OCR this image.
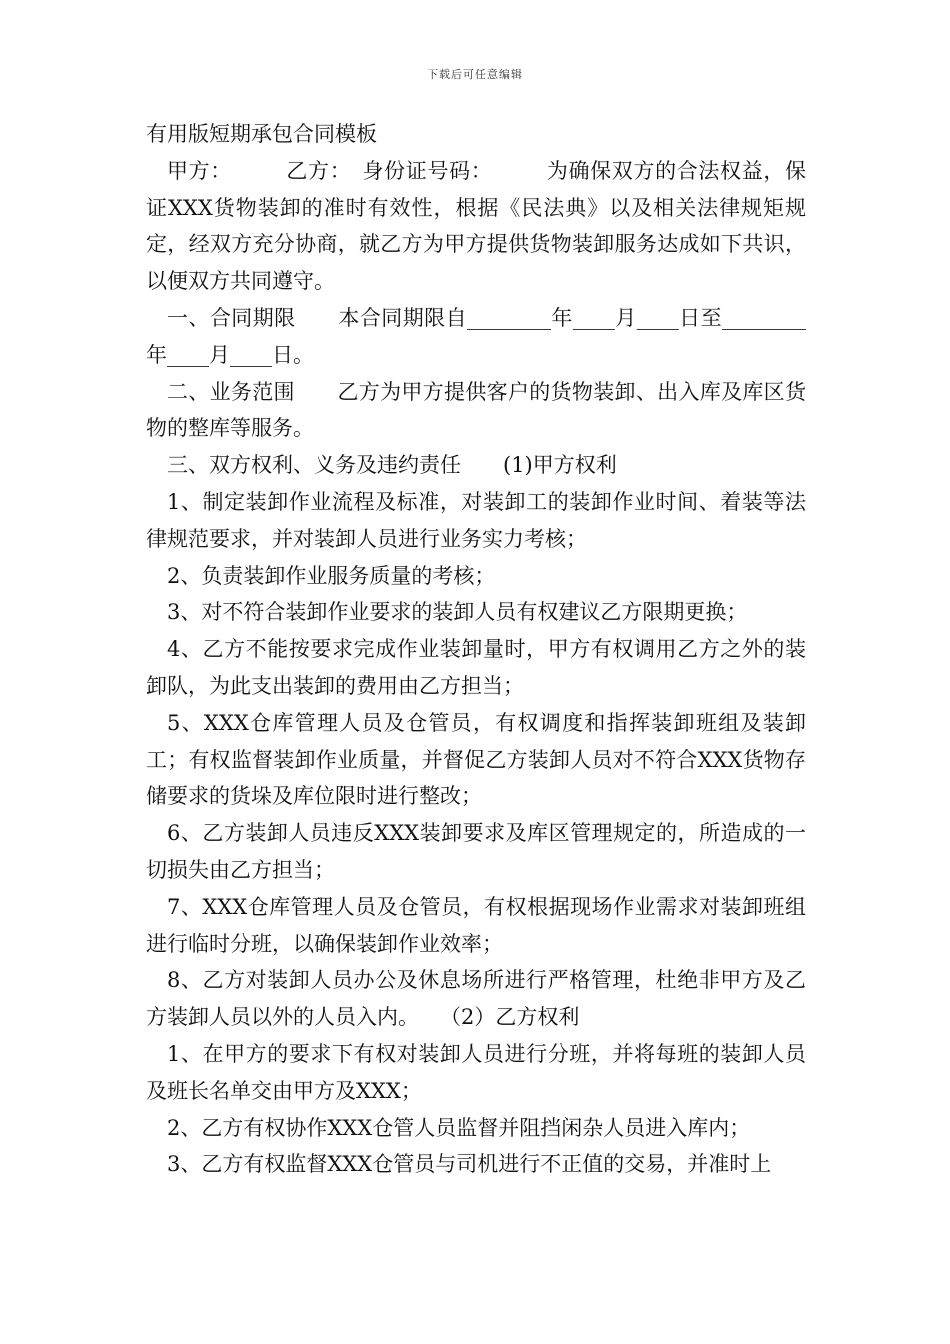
下载后可任意编辑

有用版短期承包合同模板

甲方：　　　乙方：　身份证号码：　　　为确保双方的合法权益，保证XXX货物装卸的准时有效性，根据《民法典》以及相关法律规矩规定，经双方充分协商，就乙方为甲方提供货物装卸服务达成如下共识，以便双方共同遵守。

一、合同期限　　本合同期限自________年____月____日至________年____月____日。

二、业务范围　　乙方为甲方提供客户的货物装卸、出入库及库区货物的整库等服务。

三、双方权利、义务及违约责任　　(1)甲方权利

1、制定装卸作业流程及标准，对装卸工的装卸作业时间、着装等法律规范要求，并对装卸人员进行业务实力考核；

2、负责装卸作业服务质量的考核；

3、对不符合装卸作业要求的装卸人员有权建议乙方限期更换；

4、乙方不能按要求完成作业装卸量时，甲方有权调用乙方之外的装卸队，为此支出装卸的费用由乙方担当；

5、XXX仓库管理人员及仓管员，有权调度和指挥装卸班组及装卸工；有权监督装卸作业质量，并督促乙方装卸人员对不符合XXX货物存储要求的货垛及库位限时进行整改；

6、乙方装卸人员违反XXX装卸要求及库区管理规定的，所造成的一切损失由乙方担当；

7、XXX仓库管理人员及仓管员，有权根据现场作业需求对装卸班组进行临时分班，以确保装卸作业效率；

8、乙方对装卸人员办公及休息场所进行严格管理，杜绝非甲方及乙方装卸人员以外的人员入内。　　（2）乙方权利

1、在甲方的要求下有权对装卸人员进行分班，并将每班的装卸人员及班长名单交由甲方及XXX；

2、乙方有权协作XXX仓管人员监督并阻挡闲杂人员进入库内；

3、乙方有权监督XXX仓管员与司机进行不正值的交易，并准时上
